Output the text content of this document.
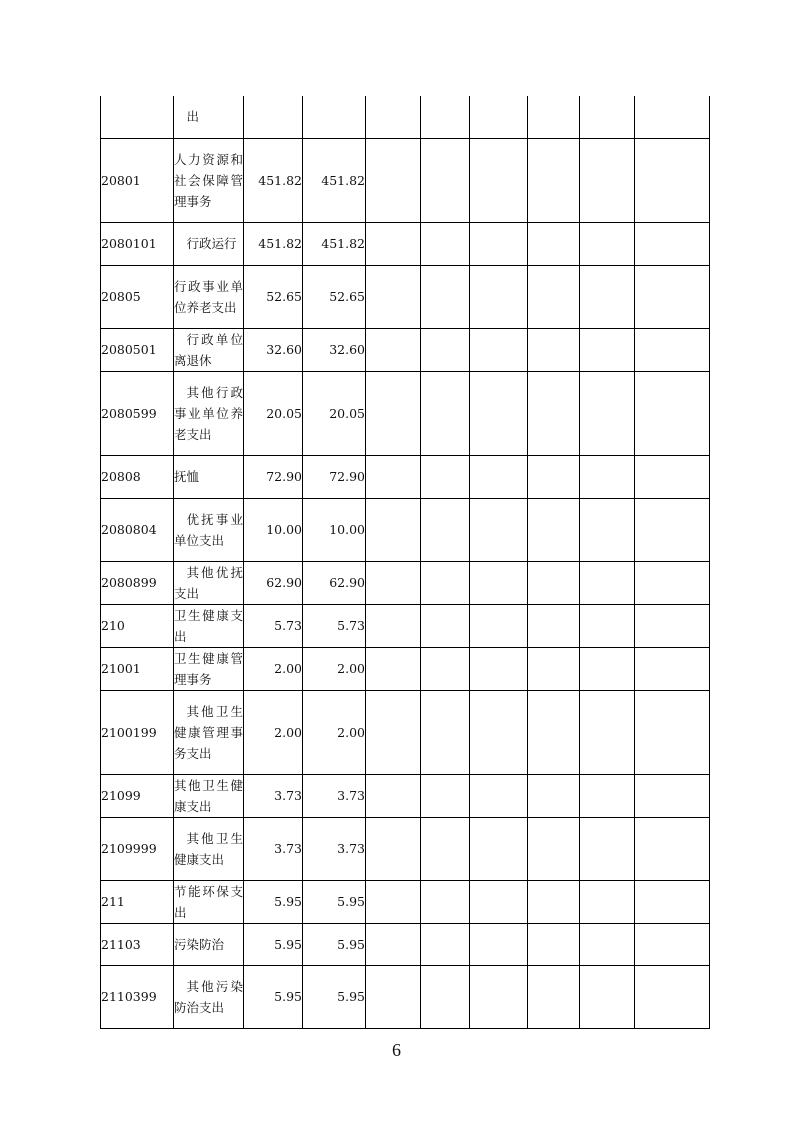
	出								
20801	人力资源和社会保障管理事务	451.82	451.82						
2080101	行政运行	451.82	451.82						
20805	行政事业单位养老支出	52.65	52.65						
2080501	行政单位离退休	32.60	32.60						
2080599	其他行政事业单位养老支出	20.05	20.05						
20808	抚恤	72.90	72.90						
2080804	优抚事业单位支出	10.00	10.00						
2080899	其他优抚支出	62.90	62.90						
210	卫生健康支出	5.73	5.73						
21001	卫生健康管理事务	2.00	2.00						
2100199	其他卫生健康管理事务支出	2.00	2.00						
21099	其他卫生健康支出	3.73	3.73						
2109999	其他卫生健康支出	3.73	3.73						
211	节能环保支出	5.95	5.95						
21103	污染防治	5.95	5.95						
2110399	其他污染防治支出	5.95	5.95						
6
